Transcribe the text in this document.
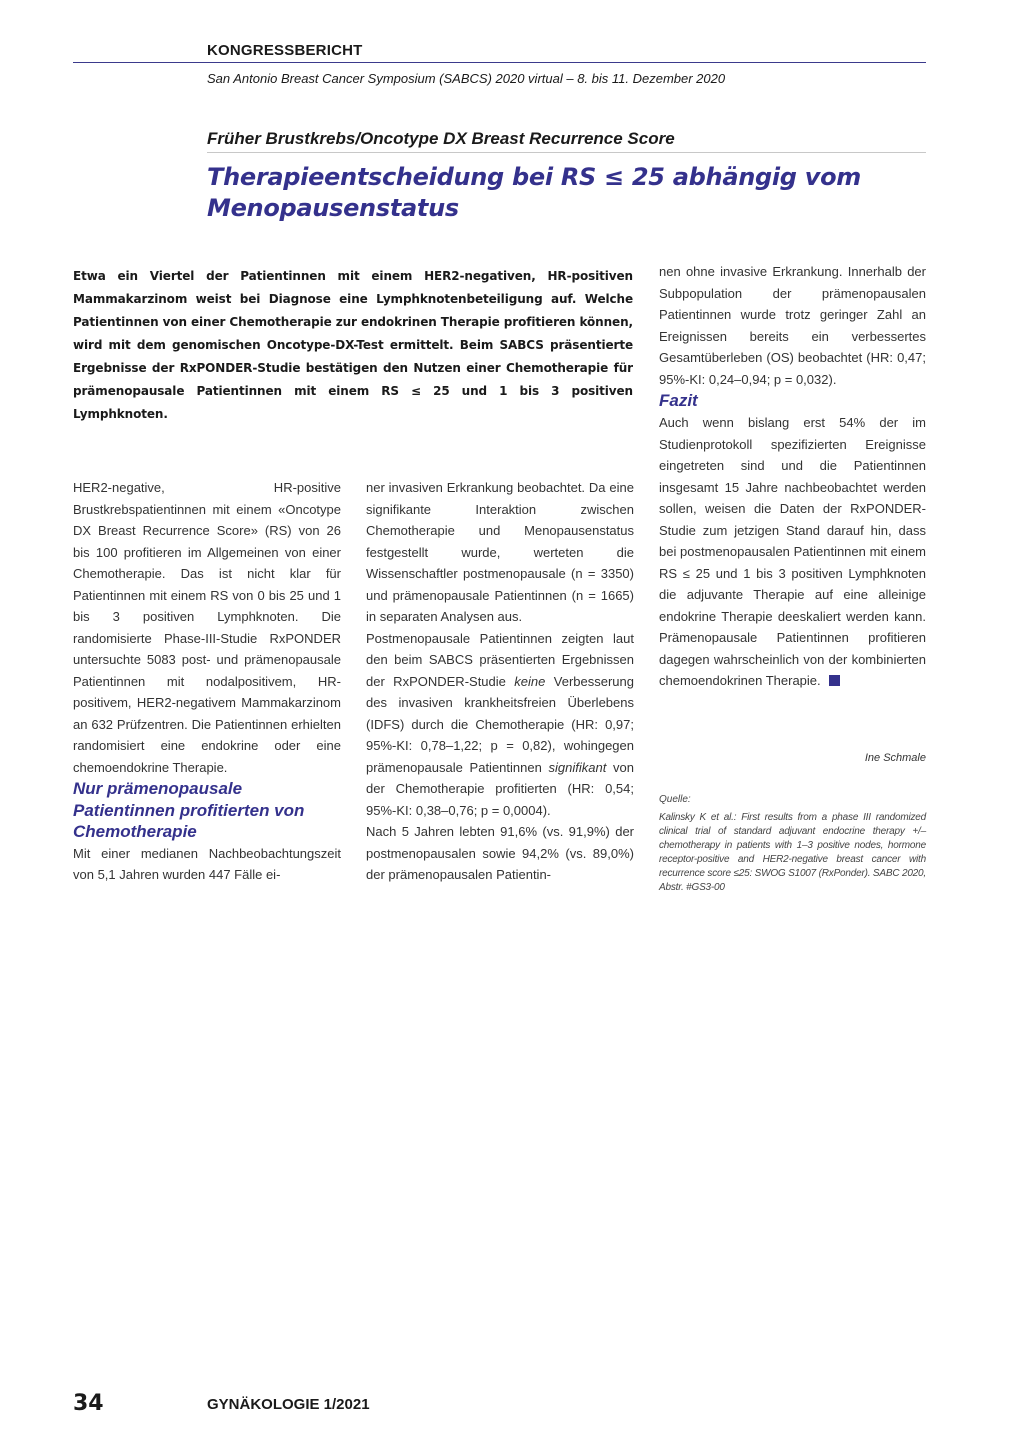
KONGRESSBERICHT
San Antonio Breast Cancer Symposium (SABCS) 2020 virtual – 8. bis 11. Dezember 2020
Früher Brustkrebs/Oncotype DX Breast Recurrence Score
Therapieentscheidung bei RS ≤ 25 abhängig vom
Menopausenstatus
Etwa ein Viertel der Patientinnen mit einem HER2-negativen, HR-positiven Mammakarzinom weist bei Diagnose eine Lymphknotenbeteiligung auf. Welche Patientinnen von einer Chemotherapie zur endokrinen Therapie profitieren können, wird mit dem genomischen Oncotype-DX-Test ermittelt. Beim SABCS präsentierte Ergebnisse der RxPONDER-Studie bestätigen den Nutzen einer Chemotherapie für prämenopausale Patientinnen mit einem RS ≤ 25 und 1 bis 3 positiven Lymphknoten.

HER2-negative, HR-positive Brustkrebspatientinnen mit einem «Oncotype DX Breast Recurrence Score» (RS) von 26 bis 100 profitieren im Allgemeinen von einer Chemotherapie. Das ist nicht klar für Patientinnen mit einem RS von 0 bis 25 und 1 bis 3 positiven Lymphknoten. Die randomisierte Phase-III-Studie RxPONDER untersuchte 5083 post- und prämenopausale Patientinnen mit nodalpositivem, HR-positivem, HER2-negativem Mammakarzinom an 632 Prüfzentren. Die Patientinnen erhielten randomisiert eine endokrine oder eine chemoendokrine Therapie.

Nur prämenopausale Patientinnen profitierten von Chemotherapie

Mit einer medianen Nachbeobachtungszeit von 5,1 Jahren wurden 447 Fälle ei-

ner invasiven Erkrankung beobachtet. Da eine signifikante Interaktion zwischen Chemotherapie und Menopausenstatus festgestellt wurde, werteten die Wissenschaftler postmenopausale (n = 3350) und prämenopausale Patientinnen (n = 1665) in separaten Analysen aus.

Postmenopausale Patientinnen zeigten laut den beim SABCS präsentierten Ergebnissen der RxPONDER-Studie keine Verbesserung des invasiven krankheitsfreien Überlebens (IDFS) durch die Chemotherapie (HR: 0,97; 95%-KI: 0,78–1,22; p = 0,82), wohingegen prämenopausale Patientinnen signifikant von der Chemotherapie profitierten (HR: 0,54; 95%-KI: 0,38–0,76; p = 0,0004).

Nach 5 Jahren lebten 91,6% (vs. 91,9%) der postmenopausalen sowie 94,2% (vs. 89,0%) der prämenopausalen Patientin-

nen ohne invasive Erkrankung. Innerhalb der Subpopulation der prämenopausalen Patientinnen wurde trotz geringer Zahl an Ereignissen bereits ein verbessertes Gesamtüberleben (OS) beobachtet (HR: 0,47; 95%-KI: 0,24–0,94; p = 0,032).

Fazit

Auch wenn bislang erst 54% der im Studienprotokoll spezifizierten Ereignisse eingetreten sind und die Patientinnen insgesamt 15 Jahre nachbeobachtet werden sollen, weisen die Daten der RxPONDER-Studie zum jetzigen Stand darauf hin, dass bei postmenopausalen Patientinnen mit einem RS ≤ 25 und 1 bis 3 positiven Lymphknoten die adjuvante Therapie auf eine alleinige endokrine Therapie deeskaliert werden kann. Prämenopausale Patientinnen profitieren dagegen wahrscheinlich von der kombinierten chemoendokrinen Therapie.

Ine Schmale
Quelle:
Kalinsky K et al.: First results from a phase III randomized clinical trial of standard adjuvant endocrine therapy +/– chemotherapy in patients with 1–3 positive nodes, hormone receptor-positive and HER2-negative breast cancer with recurrence score ≤25: SWOG S1007 (RxPonder). SABC 2020, Abstr. #GS3-00
34	GYNÄKOLOGIE 1/2021
